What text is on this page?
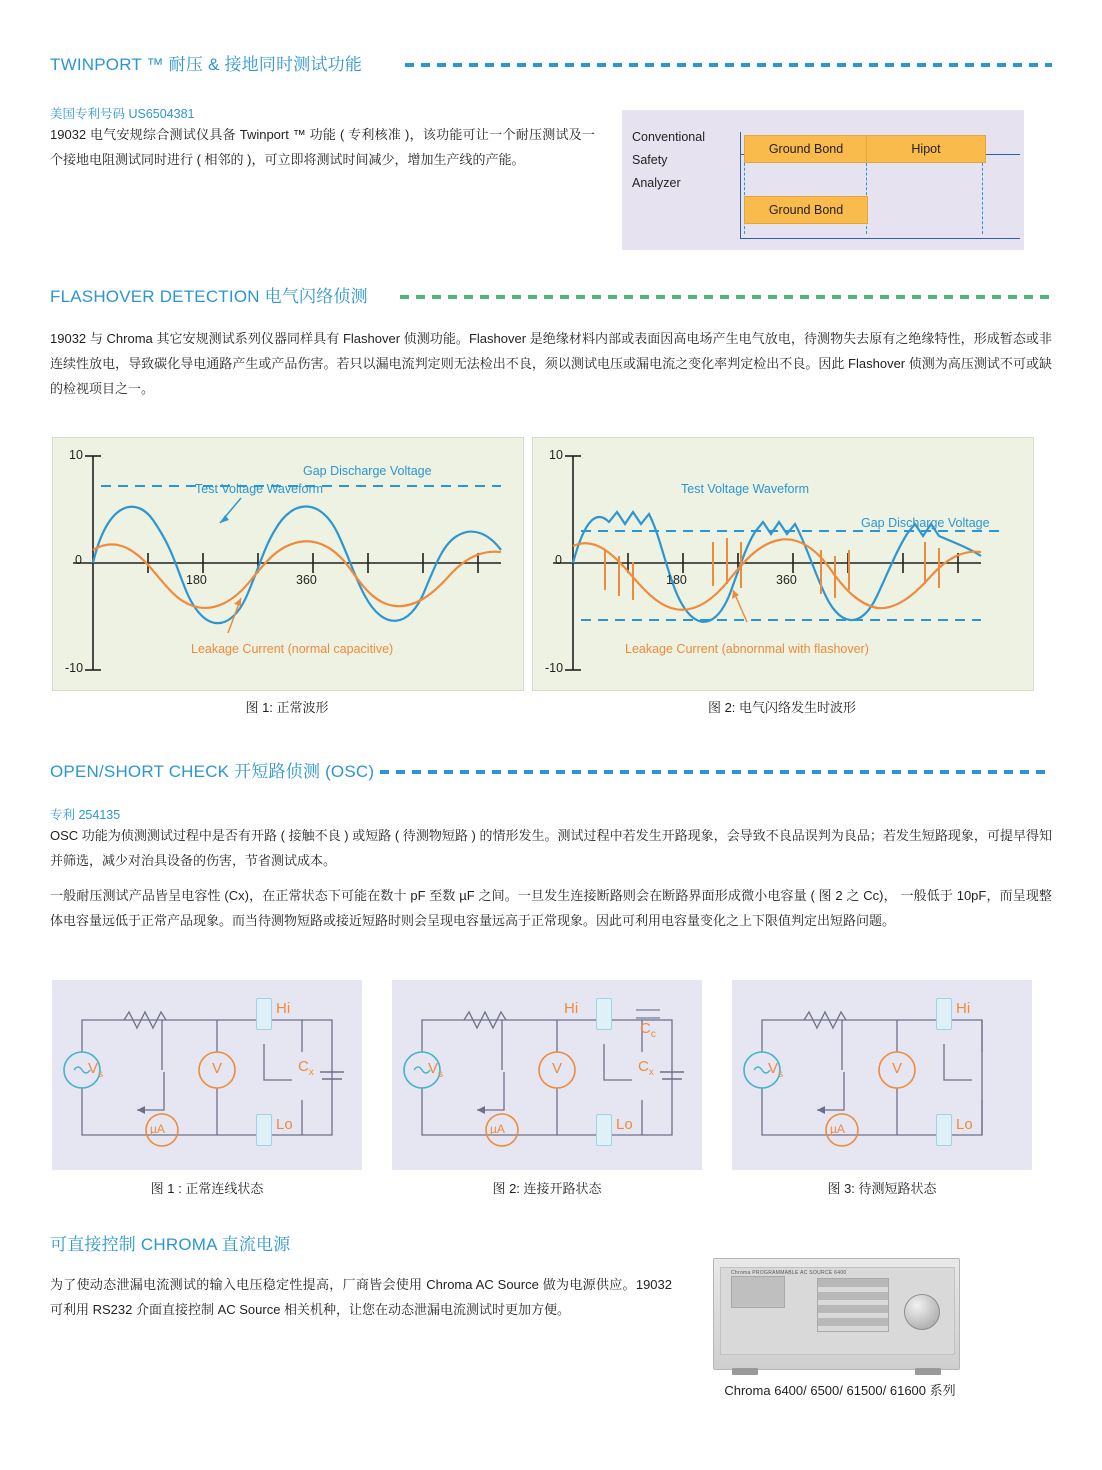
TWINPORT ™ 耐压 & 接地同时测试功能
美国专利号码 US6504381
19032 电气安规综合测试仪具备 Twinport ™ 功能 ( 专利核准 )，该功能可让一个耐压测试及一个接地电阻测试同时进行 ( 相邻的 )，可立即将测试时间减少，增加生产线的产能。
Conventional
Safety
Analyzer
Ground Bond	Hipot
Ground Bond
FLASHOVER DETECTION 电气闪络侦测
19032 与 Chroma 其它安规测试系列仪器同样具有 Flashover 侦测功能。Flashover 是绝缘材料内部或表面因高电场产生电气放电，待测物失去原有之绝缘特性，形成暂态或非连续性放电，导致碳化导电通路产生或产品伤害。若只以漏电流判定则无法检出不良，须以测试电压或漏电流之变化率判定检出不良。因此 Flashover 侦测为高压测试不可或缺的检视项目之一。
10
0
-10
180	360
Gap Discharge Voltage
Test Voltage Waveform
Leakage Current (normal capacitive)
图 1: 正常波形
10
0
-10
180	360
Test Voltage Waveform
Gap Discharge Voltage
Leakage Current (abnornmal with flashover)
图 2: 电气闪络发生时波形
OPEN/SHORT CHECK 开短路侦测 (OSC)
专利 254135
OSC 功能为侦测测试过程中是否有开路 ( 接触不良 ) 或短路 ( 待测物短路 ) 的情形发生。测试过程中若发生开路现象，会导致不良品误判为良品；若发生短路现象，可提早得知并筛选，减少对治具设备的伤害，节省测试成本。
一般耐压测试产品皆呈电容性 (Cx)，在正常状态下可能在数十 pF 至数 µF 之间。一旦发生连接断路则会在断路界面形成微小电容量 ( 图 2 之 Cc)， 一般低于 10pF，而呈现整体电容量远低于正常产品现象。而当待测物短路或接近短路时则会呈现电容量远高于正常现象。因此可利用电容量变化之上下限值判定出短路问题。
$V_s$	V
µA
Hi
Lo
$C_x$
图 1 : 正常连线状态
$V_s$	V
µA
Hi
Lo
$C_c$
$C_x$
图 2: 连接开路状态
$V_s$	V
µA
Hi
Lo
图 3: 待测短路状态
可直接控制 CHROMA 直流电源
为了使动态泄漏电流测试的输入电压稳定性提高，厂商皆会使用 Chroma AC Source 做为电源供应。19032 可利用 RS232 介面直接控制 AC Source 相关机种，让您在动态泄漏电流测试时更加方便。
Chroma PROGRAMMABLE AC SOURCE 6400
Chroma 6400/ 6500/ 61500/ 61600 系列
